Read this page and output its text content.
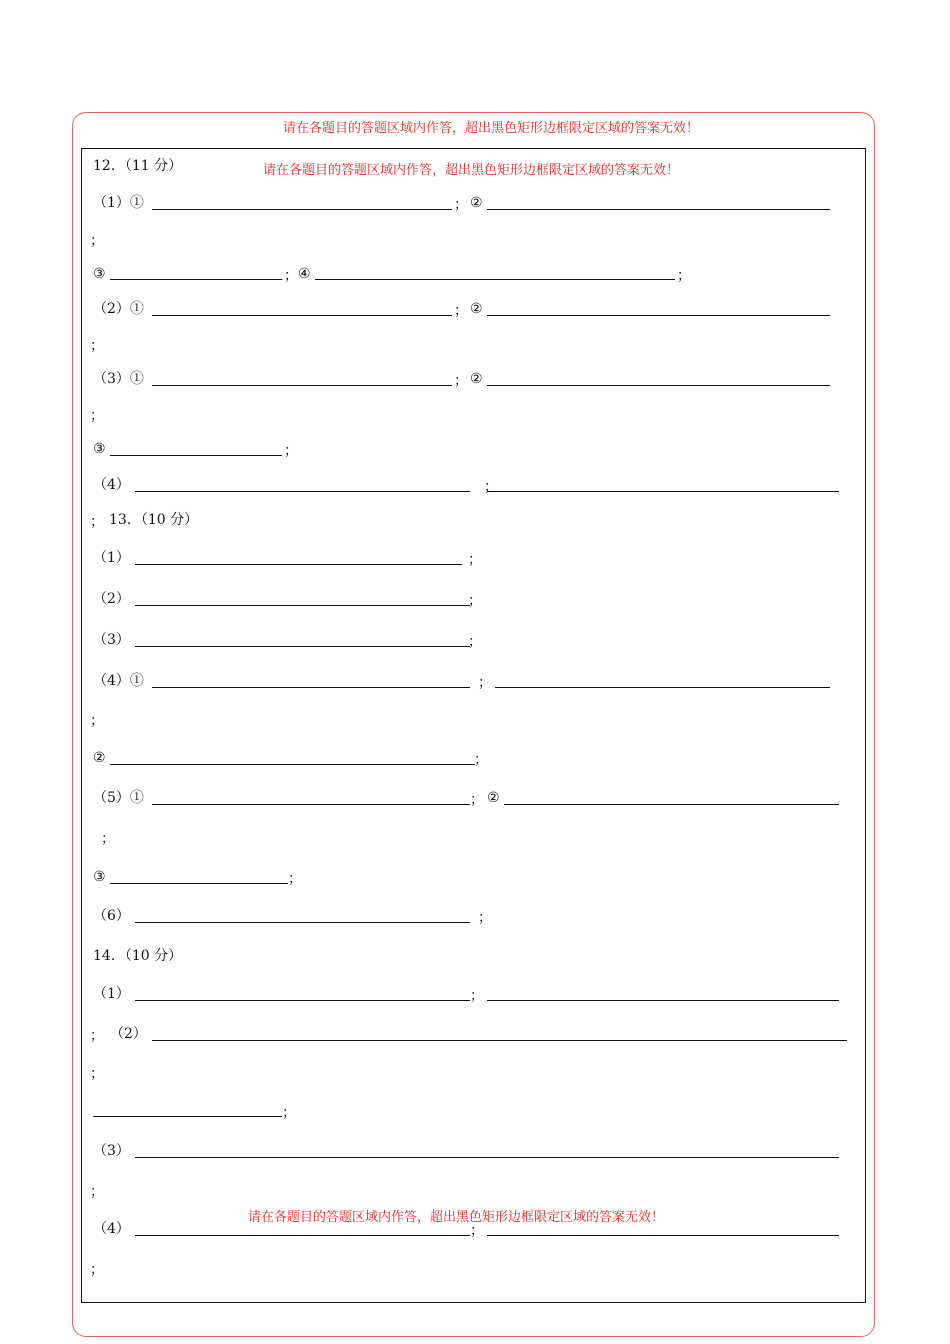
请在各题目的答题区域内作答，超出黑色矩形边框限定区域的答案无效！
请在各题目的答题区域内作答，超出黑色矩形边框限定区域的答案无效！
请在各题目的答题区域内作答，超出黑色矩形边框限定区域的答案无效！
12．（11 分）
（1）①	； ②
；
③	； ④	；
（2）①	； ②
；
（3）①	； ②
；
③	；
（4）	；
； 13．（10 分）
（1）	；
（2）	；
（3）	；
（4）①	；
；
②	；
（5）①	； ②
；
③	；
（6）	；
14．（10 分）
（1）	；
； （2）
；
；
（3）
；
（4）	；
；
